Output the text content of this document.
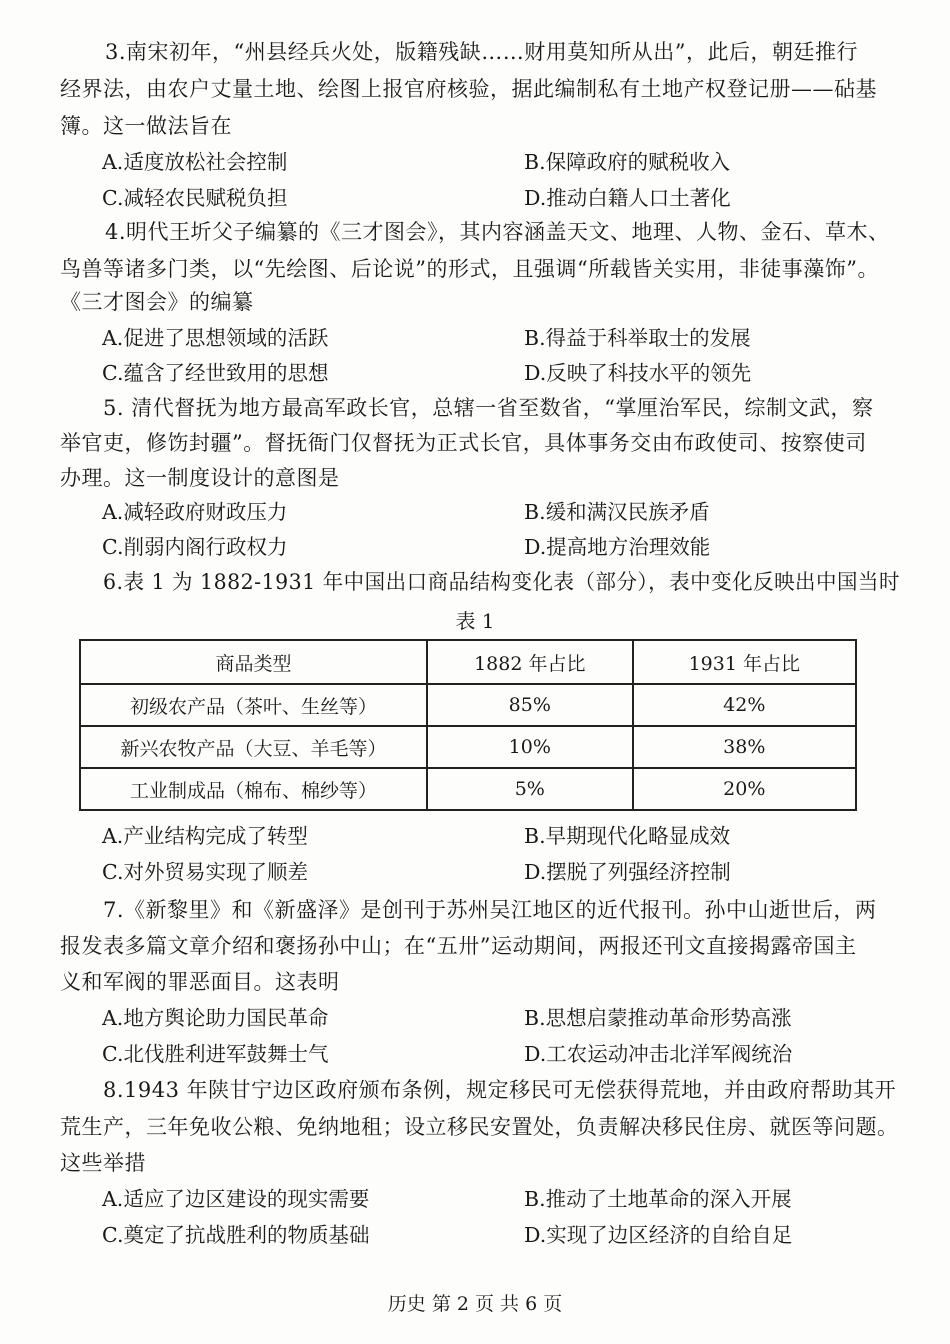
3.南宋初年，“州县经兵火处，版籍残缺……财用莫知所从出”，此后，朝廷推行
经界法，由农户丈量土地、绘图上报官府核验，据此编制私有土地产权登记册——砧基
簿。这一做法旨在
A.适度放松社会控制	B.保障政府的赋税收入
C.减轻农民赋税负担	D.推动白籍人口土著化
4.明代王圻父子编纂的《三才图会》，其内容涵盖天文、地理、人物、金石、草木、
鸟兽等诸多门类，以“先绘图、后论说”的形式，且强调“所载皆关实用，非徒事藻饰”。
《三才图会》的编纂
A.促进了思想领域的活跃	B.得益于科举取士的发展
C.蕴含了经世致用的思想	D.反映了科技水平的领先
5. 清代督抚为地方最高军政长官，总辖一省至数省，“掌厘治军民，综制文武，察
举官吏，修饬封疆”。督抚衙门仅督抚为正式长官，具体事务交由布政使司、按察使司
办理。这一制度设计的意图是
A.减轻政府财政压力	B.缓和满汉民族矛盾
C.削弱内阁行政权力	D.提高地方治理效能
6.表 1 为 1882-1931 年中国出口商品结构变化表（部分），表中变化反映出中国当时
表 1
商品类型	1882 年占比	1931 年占比
初级农产品（茶叶、生丝等）	85%	42%
新兴农牧产品（大豆、羊毛等）	10%	38%
工业制成品（棉布、棉纱等）	5%	20%
A.产业结构完成了转型	B.早期现代化略显成效
C.对外贸易实现了顺差	D.摆脱了列强经济控制
7.《新黎里》和《新盛泽》是创刊于苏州吴江地区的近代报刊。孙中山逝世后，两
报发表多篇文章介绍和褒扬孙中山；在“五卅”运动期间，两报还刊文直接揭露帝国主
义和军阀的罪恶面目。这表明
A.地方舆论助力国民革命	B.思想启蒙推动革命形势高涨
C.北伐胜利进军鼓舞士气	D.工农运动冲击北洋军阀统治
8.1943 年陕甘宁边区政府颁布条例，规定移民可无偿获得荒地，并由政府帮助其开
荒生产，三年免收公粮、免纳地租；设立移民安置处，负责解决移民住房、就医等问题。
这些举措
A.适应了边区建设的现实需要	B.推动了土地革命的深入开展
C.奠定了抗战胜利的物质基础	D.实现了边区经济的自给自足
历史 第 2 页 共 6 页
